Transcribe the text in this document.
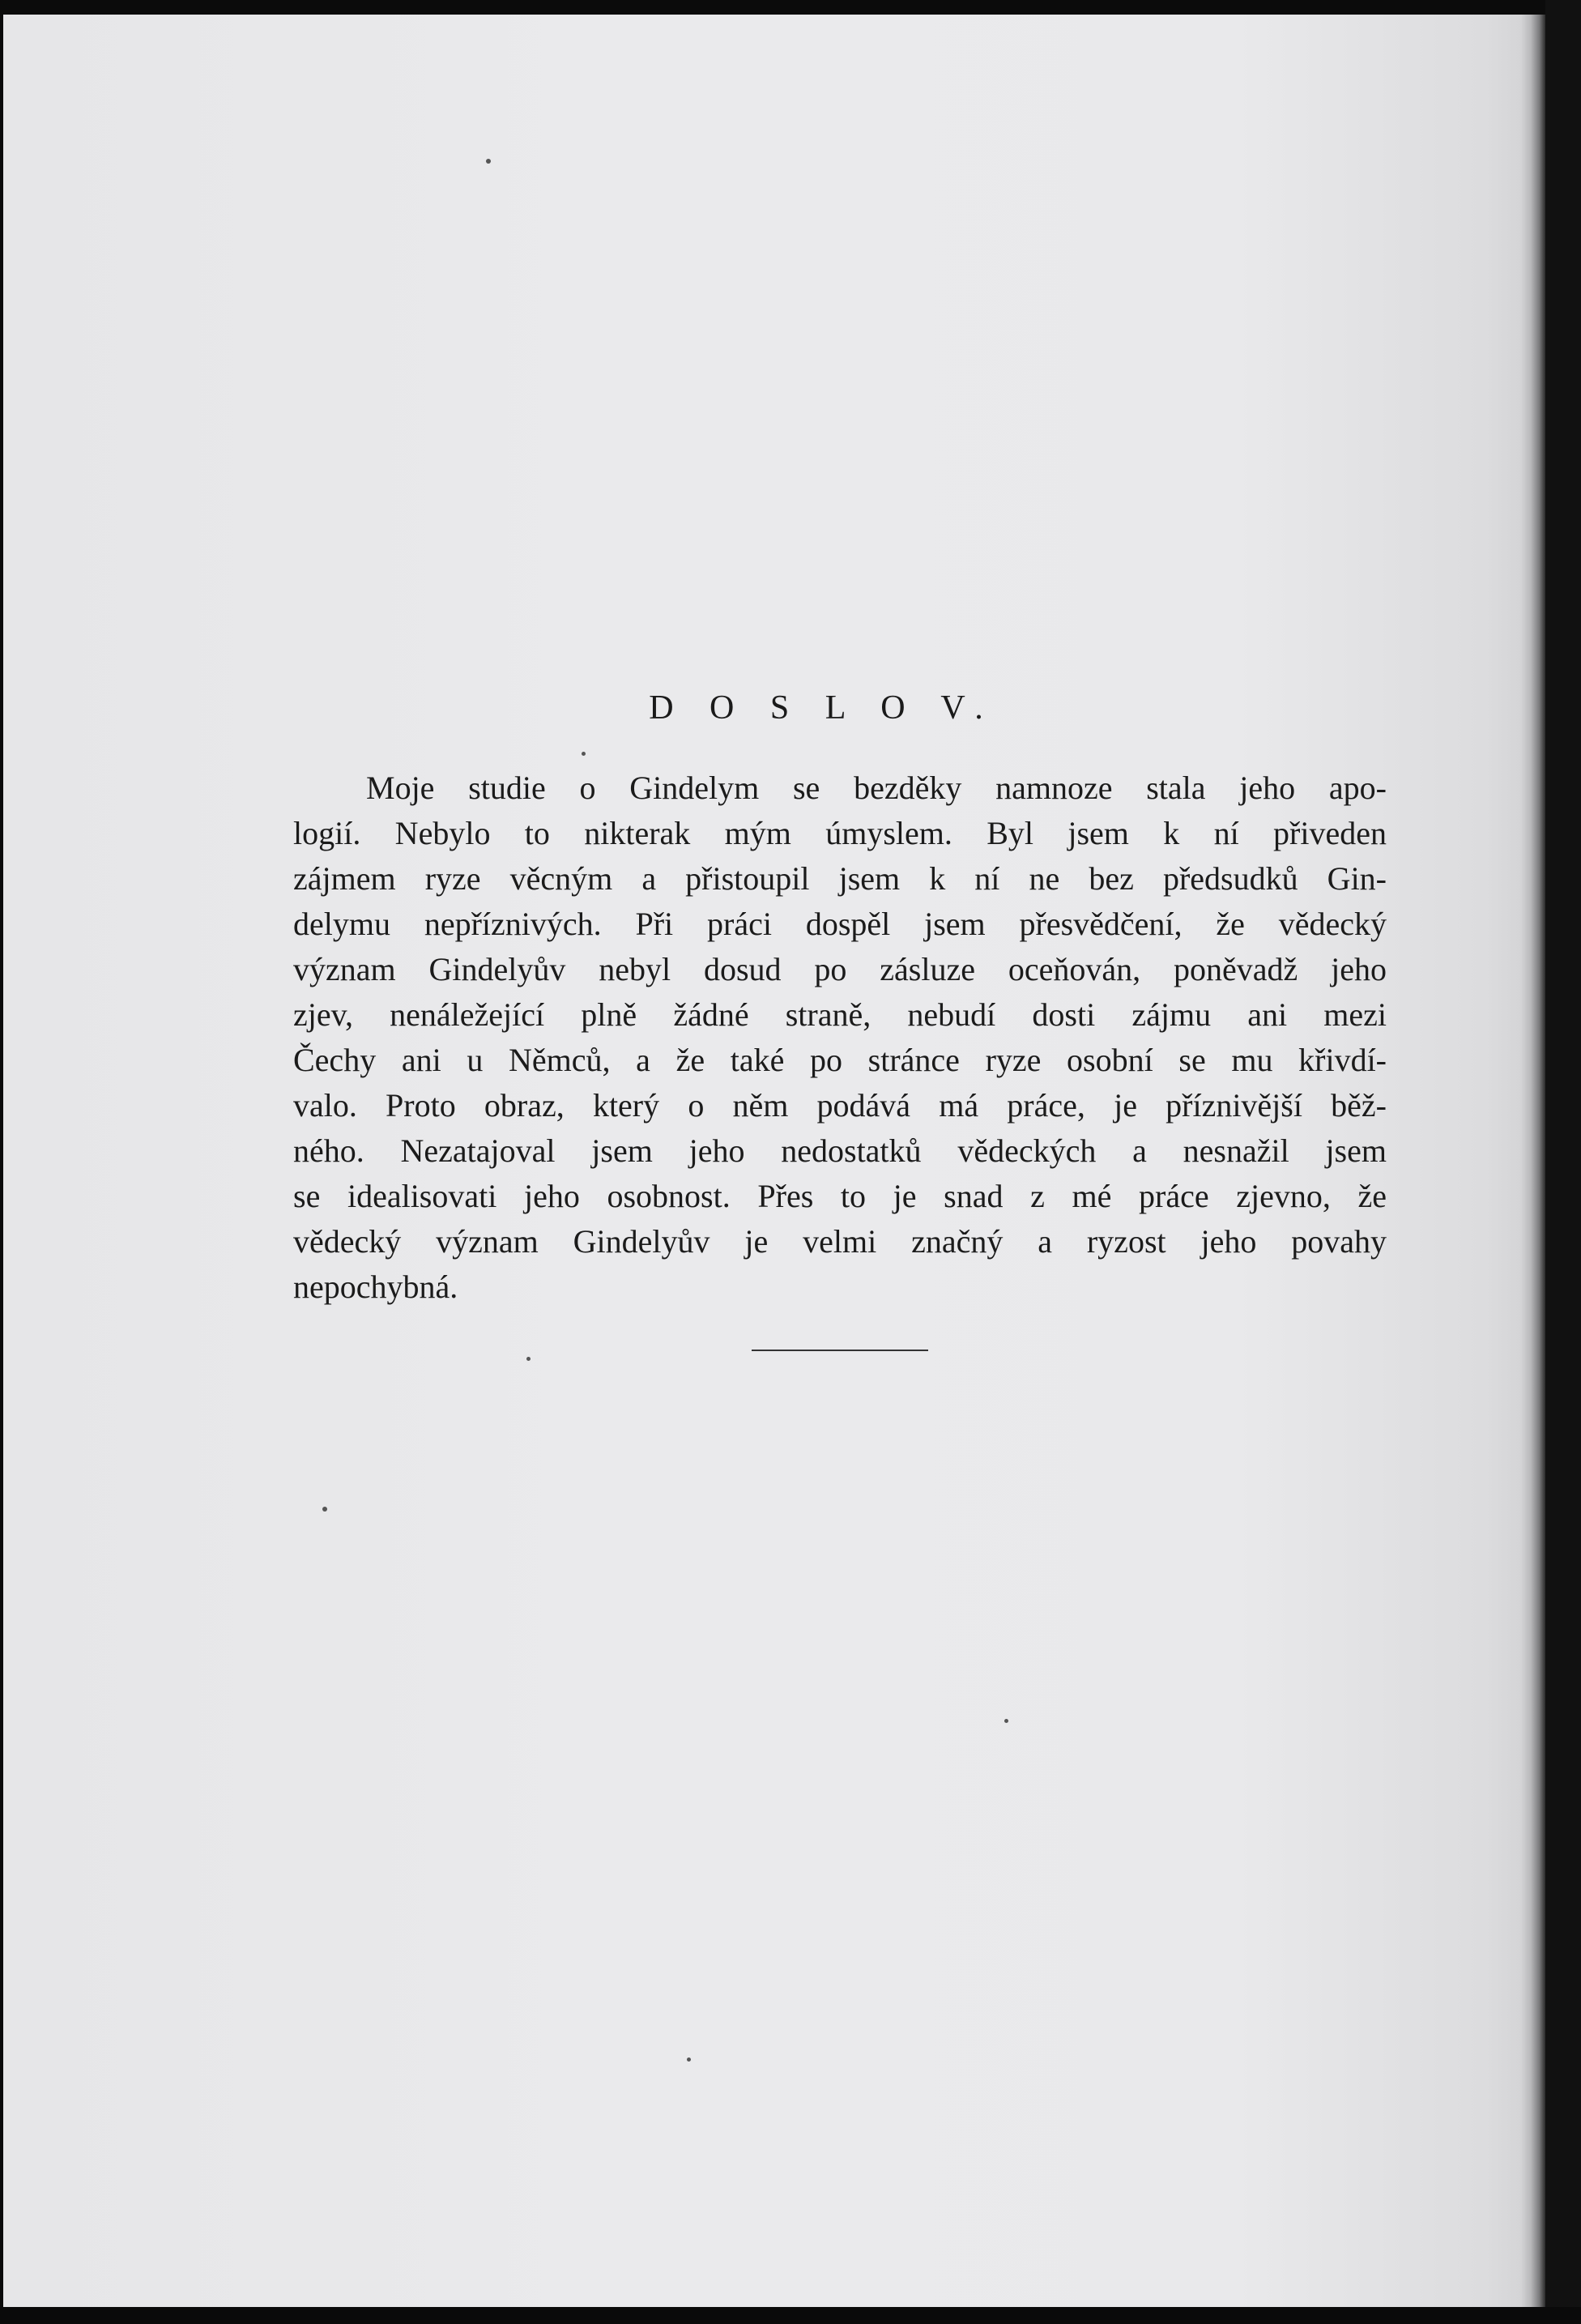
D O S L O V.
Moje studie o Gindelym se bezděky namnoze stala jeho apo-
logií. Nebylo to nikterak mým úmyslem. Byl jsem k ní přiveden
zájmem ryze věcným a přistoupil jsem k ní ne bez předsudků Gin-
delymu nepříznivých. Při práci dospěl jsem přesvědčení, že vědecký
význam Gindelyův nebyl dosud po zásluze oceňován, poněvadž jeho
zjev, nenáležející plně žádné straně, nebudí dosti zájmu ani mezi
Čechy ani u Němců, a že také po stránce ryze osobní se mu křivdí-
valo. Proto obraz, který o něm podává má práce, je příznivější běž-
ného. Nezatajoval jsem jeho nedostatků vědeckých a nesnažil jsem
se idealisovati jeho osobnost. Přes to je snad z mé práce zjevno, že
vědecký význam Gindelyův je velmi značný a ryzost jeho povahy
nepochybná.
